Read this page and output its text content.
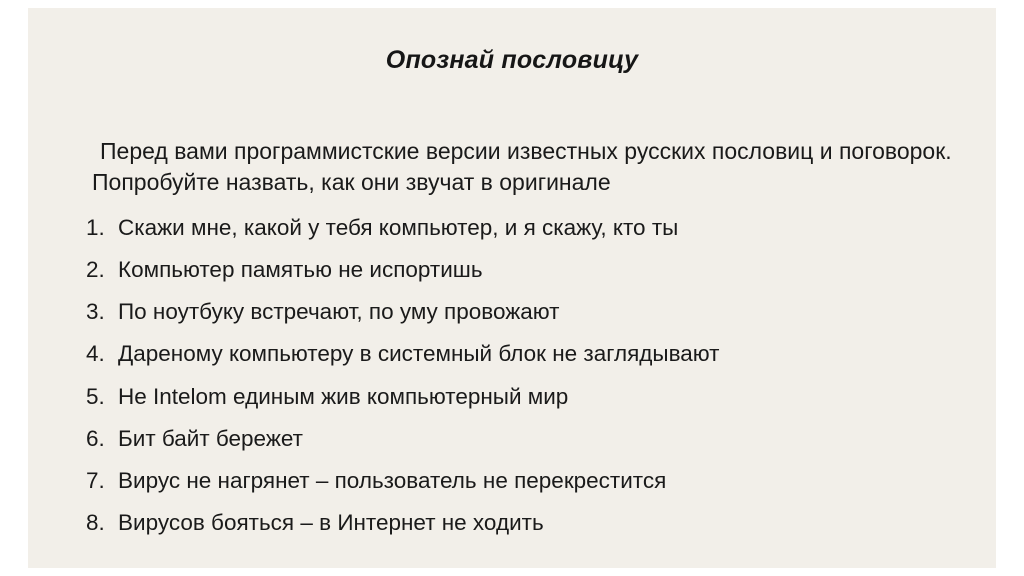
Опознай пословицу

Перед вами программистские версии известных русских пословиц и поговорок. Попробуйте назвать, как они звучат в оригинале

1. Скажи мне, какой у тебя компьютер, и я скажу, кто ты
2. Компьютер памятью не испортишь
3. По ноутбуку встречают, по уму провожают
4. Дареному компьютеру в системный блок не заглядывают
5. Не Intelom единым жив компьютерный мир
6. Бит байт бережет
7. Вирус не нагрянет – пользователь не перекрестится
8. Вирусов бояться – в Интернет не ходить
